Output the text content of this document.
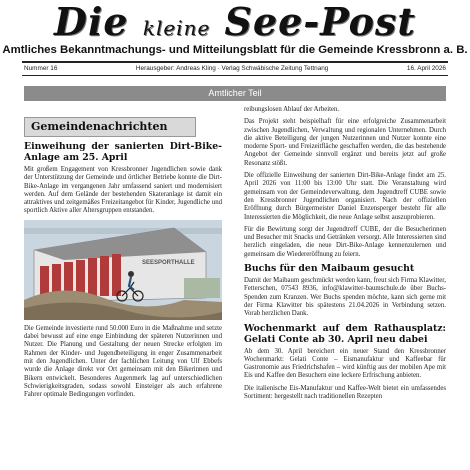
Die kleine See-Post
Amtliches Bekanntmachungs- und Mitteilungsblatt für die Gemeinde Kressbronn a. B.
Nummer 16	Herausgeber: Andreas Kling · Verlag Schwäbische Zeitung Tettnang	16. April 2026
Amtlicher Teil
Gemeindenachrichten
Einweihung der sanierten Dirt-Bike-Anlage am 25. April

Mit großem Engagement von Kressbronner Jugendlichen sowie dank der Unterstützung der Gemeinde und örtlicher Betriebe konnte die Dirt-Bike-Anlage im vergangenen Jahr umfassend saniert und modernisiert werden. Auf dem Gelände der bestehenden Skateranlage ist damit ein attraktives und zeitgemäßes Freizeitangebot für Kinder, Jugendliche und sportlich Aktive aller Altersgruppen entstanden.

SEESPORTHALLE

Die Gemeinde investierte rund 50.000 Euro in die Maßnahme und setzte dabei bewusst auf eine enge Einbindung der späteren Nutzerinnen und Nutzer. Die Planung und Gestaltung der neuen Strecke erfolgten im Rahmen der Kinder- und Jugendbeteiligung in enger Zusammenarbeit mit den Jugendlichen. Unter der fachlichen Leitung von Ulf Ebbefs wurde die Anlage direkt vor Ort gemeinsam mit den Bikerinnen und Bikern entwickelt. Besonderes Augenmerk lag auf unterschiedlichen Schwierigkeitsgraden, sodass sowohl Einsteiger als auch erfahrene Fahrer optimale Bedingungen vorfinden.

reibungslosen Ablauf der Arbeiten.

Das Projekt steht beispielhaft für eine erfolgreiche Zusammenarbeit zwischen Jugendlichen, Verwaltung und regionalen Unternehmen. Durch die aktive Beteiligung der jungen Nutzerinnen und Nutzer konnte eine moderne Sport- und Freizeitfläche geschaffen werden, die das bestehende Angebot der Gemeinde sinnvoll ergänzt und bereits jetzt auf große Resonanz stößt.

Die offizielle Einweihung der sanierten Dirt-Bike-Anlage findet am 25. April 2026 von 11:00 bis 13:00 Uhr statt. Die Veranstaltung wird gemeinsam von der Gemeindeverwaltung, dem Jugendtreff CUBE sowie den Kressbronner Jugendlichen organisiert. Nach der offiziellen Eröffnung durch Bürgermeister Daniel Enzensperger besteht für alle Interessierten die Möglichkeit, die neue Anlage selbst auszuprobieren.

Für die Bewirtung sorgt der Jugendtreff CUBE, der die Besucherinnen und Besucher mit Snacks und Getränken versorgt. Alle Interessierten sind herzlich eingeladen, die neue Dirt-Bike-Anlage kennenzulernen und gemeinsam die Wiedereröffnung zu feiern.

Buchs für den Maibaum gesucht

Damit der Maibaum geschmückt werden kann, freut sich Firma Klawitter, Fetterschen, 07543 8936, info@klawitter-baumschule.de über Buchs-Spenden zum Kranzen. Wer Buchs spenden möchte, kann sich gerne mit der Firma Klawitter bis spätestens 21.04.2026 in Verbindung setzen. Vorab herzlichen Dank.

Wochenmarkt auf dem Rathausplatz: Gelati Conte ab 30. April neu dabei

Ab dem 30. April bereichert ein neuer Stand den Kressbronner Wochenmarkt: Gelati Conte – Eismanufaktur und Kaffeebar für Gastronomie aus Friedrichshafen – wird künftig aus der mobilen Ape mit Eis und Kaffee den Besuchern eine leckere Erfrischung anbieten.

Die italienische Eis-Manufaktur und Kaffee-Welt bietet ein umfassendes Sortiment: hergestellt nach traditionellen Rezepten
